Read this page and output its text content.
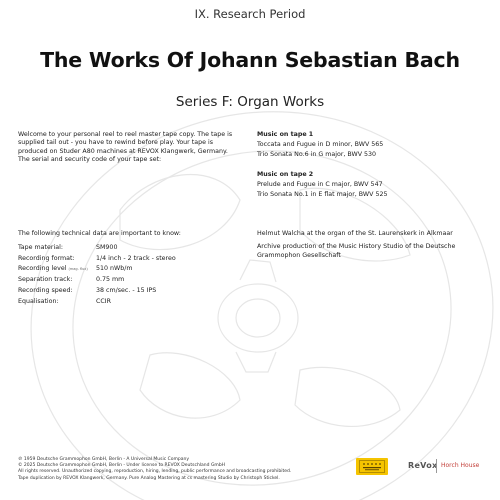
IX. Research Period
The Works Of Johann Sebastian Bach
Series F: Organ Works

Welcome to your personal reel to reel master tape copy. The tape is supplied tail out - you have to rewind before play. Your tape is produced on Studer A80 machines at REVOX Klangwerk, Germany.

The serial and security code of your tape set:

Music on tape 1
Toccata and Fugue in D minor, BWV 565
Trio Sonata No.6 in G major, BWV 530
Music on tape 2
Prelude and Fugue in C major, BWV 547
Trio Sonata No.1 in E flat major, BWV 525
The following technical data are important to know:
Tape material:	SM900
Recording format:	1/4 inch - 2 track - stereo
Recording level (mag. flux)	510 nWb/m
Separation track:	0.75 mm
Recording speed:	38 cm/sec. - 15 IPS
Equalisation:	CCIR

Helmut Walcha at the organ of the St. Laurenskerk in Alkmaar

Archive production of the Music History Studio of the Deutsche Grammophon Gesellschaft

℗ 1959 Deutsche Grammophon GmbH, Berlin - A Universal Music Company
© 2025 Deutsche Grammophon GmbH, Berlin - Under license to REVOX Deutschland GmbH
All rights reserved. Unauthorized copying, reproduction, hiring, lending, public performance and broadcasting prohibited.
Tape duplication by REVOX Klangwerk, Germany. Pure Analog Mastering at cs mastering Studio by Christoph Stickel.
ReVox Horch House
